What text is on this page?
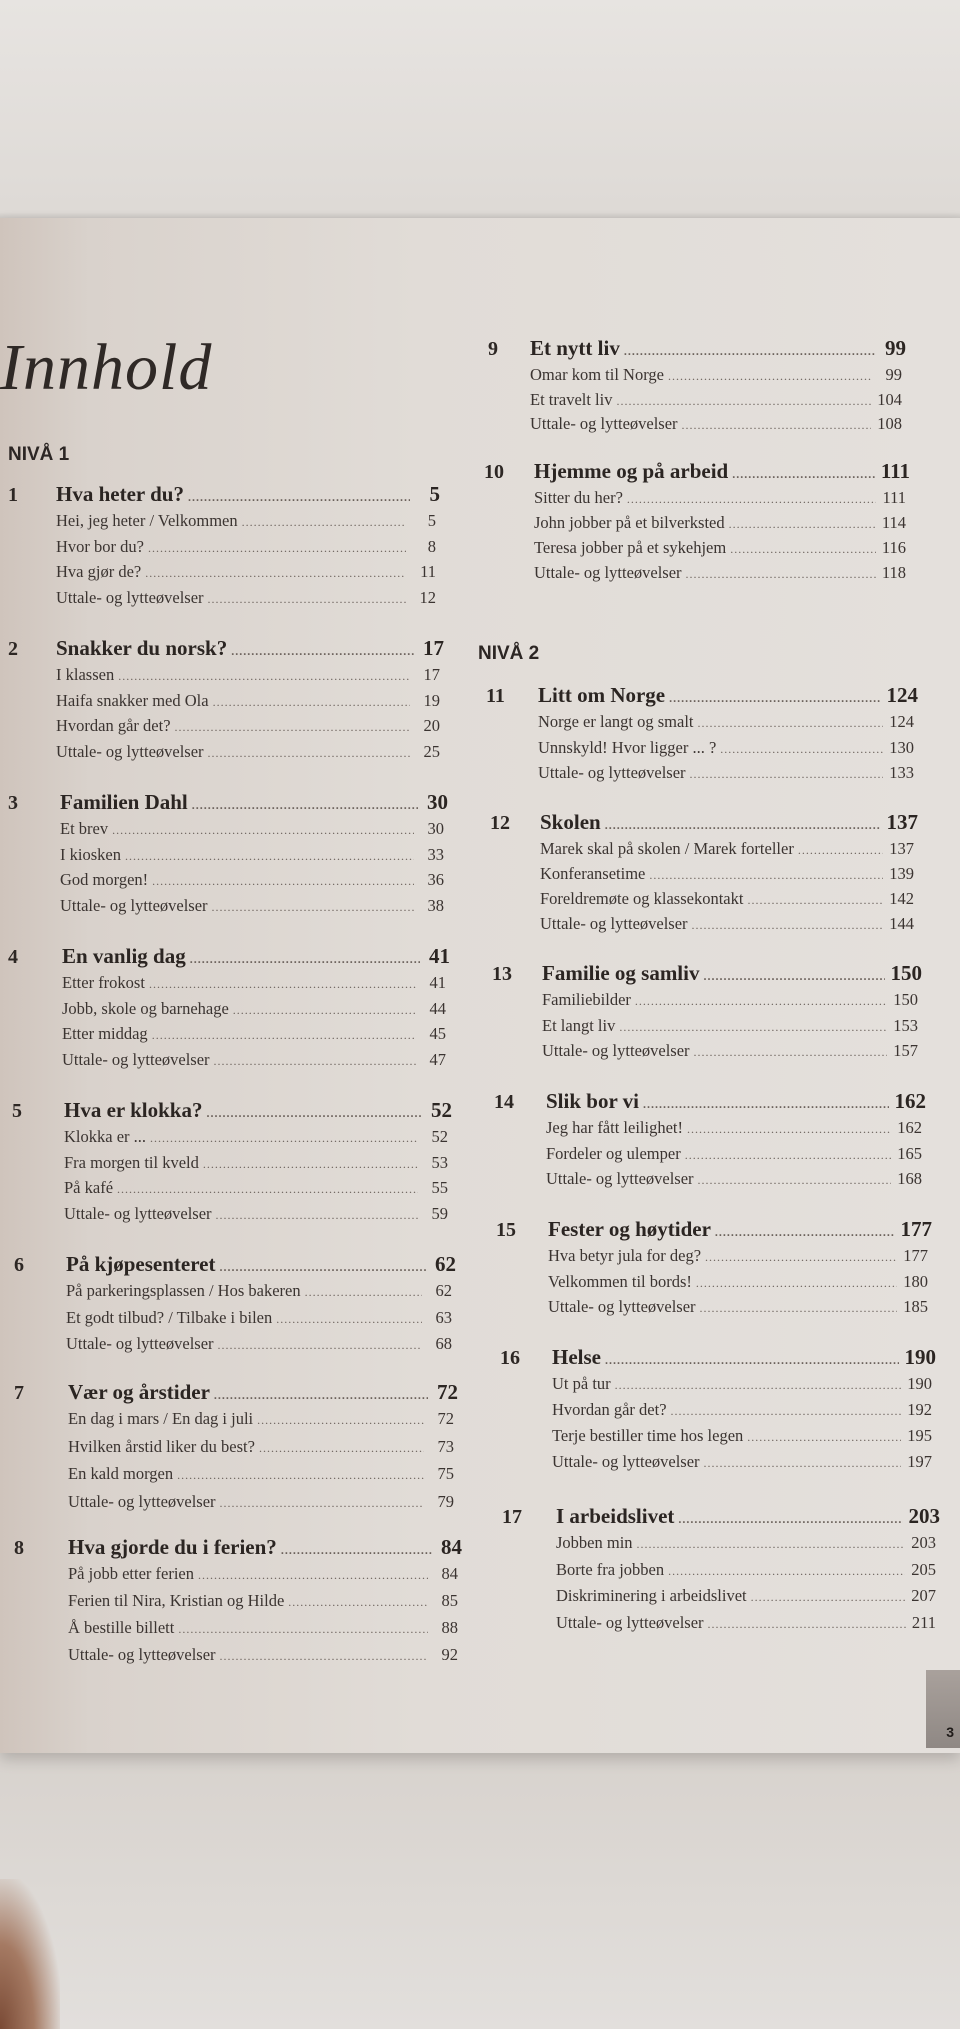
Innhold
NIVÅ 1
NIVÅ 2
1 Hva heter du? .....	5
Hei, jeg heter / Velkommen .....	5
Hvor bor du? .....	8
Hva gjør de? .....	11
Uttale- og lytteøvelser .....	12
2 Snakker du norsk? .....	17
I klassen .....	17
Haifa snakker med Ola .....	19
Hvordan går det? .....	20
Uttale- og lytteøvelser .....	25
3 Familien Dahl .....	30
Et brev .....	30
I kiosken .....	33
God morgen! .....	36
Uttale- og lytteøvelser .....	38
4 En vanlig dag .....	41
Etter frokost .....	41
Jobb, skole og barnehage .....	44
Etter middag .....	45
Uttale- og lytteøvelser .....	47
5 Hva er klokka? .....	52
Klokka er ... .....	52
Fra morgen til kveld .....	53
På kafé .....	55
Uttale- og lytteøvelser .....	59
6 På kjøpesenteret .....	62
På parkeringsplassen / Hos bakeren .....	62
Et godt tilbud? / Tilbake i bilen .....	63
Uttale- og lytteøvelser .....	68
7 Vær og årstider .....	72
En dag i mars / En dag i juli .....	72
Hvilken årstid liker du best? .....	73
En kald morgen .....	75
Uttale- og lytteøvelser .....	79
8 Hva gjorde du i ferien? .....	84
På jobb etter ferien .....	84
Ferien til Nira, Kristian og Hilde .....	85
Å bestille billett .....	88
Uttale- og lytteøvelser .....	92
9 Et nytt liv .....	99
Omar kom til Norge .....	99
Et travelt liv .....	104
Uttale- og lytteøvelser .....	108
10 Hjemme og på arbeid .....	111
Sitter du her? .....	111
John jobber på et bilverksted .....	114
Teresa jobber på et sykehjem .....	116
Uttale- og lytteøvelser .....	118
11 Litt om Norge .....	124
Norge er langt og smalt .....	124
Unnskyld! Hvor ligger ... ? .....	130
Uttale- og lytteøvelser .....	133
12 Skolen .....	137
Marek skal på skolen / Marek forteller .....	137
Konferansetime .....	139
Foreldremøte og klassekontakt .....	142
Uttale- og lytteøvelser .....	144
13 Familie og samliv .....	150
Familiebilder .....	150
Et langt liv .....	153
Uttale- og lytteøvelser .....	157
14 Slik bor vi .....	162
Jeg har fått leilighet! .....	162
Fordeler og ulemper .....	165
Uttale- og lytteøvelser .....	168
15 Fester og høytider .....	177
Hva betyr jula for deg? .....	177
Velkommen til bords! .....	180
Uttale- og lytteøvelser .....	185
16 Helse .....	190
Ut på tur .....	190
Hvordan går det? .....	192
Terje bestiller time hos legen .....	195
Uttale- og lytteøvelser .....	197
17 I arbeidslivet .....	203
Jobben min .....	203
Borte fra jobben .....	205
Diskriminering i arbeidslivet .....	207
Uttale- og lytteøvelser .....	211
3
